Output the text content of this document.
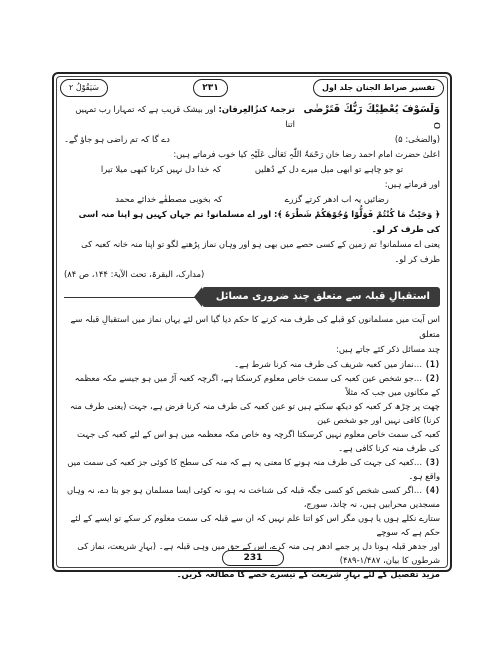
تفسیر صراط الجنان جلد اول
۲۳۱
سَیَقُوْلُ ۲
وَلَسَوْفَ یُعْطِیْكَ رَبُّكَ فَتَرْضٰى ۝
ترجمۂ کنزُالعِرفان: اور بیشک قریب ہے کہ تمہارا رب تمہیں اتنا
(والضحٰی: ۵)
دے گا کہ تم راضی ہو جاؤ گے۔
اعلیٰ حضرت امام احمد رضا خان رَحْمَۃُ اللّٰہِ تَعَالٰی عَلَیْہِ کیا خوب فرماتے ہیں:
تو جو چاہے تو ابھی میل میرے دل کے دُھلیں
کہ خدا دل نہیں کرتا کبھی میلا تیرا
اور فرماتے ہیں:
رضائیں یہ اب ادھر کرتے گزرے
کہ بخوبی مصطفٰے خدائے محمد
﴿ وَحَیْثُ مَا كُنْتُمْ فَوَلُّوْا وُجُوْهَكُمْ شَطْرَهٗ ﴾: اور اے مسلمانو! تم جہاں کہیں ہو اپنا منہ اسی کی طرف کر لو۔
یعنی اے مسلمانو! تم زمین کے کسی حصے میں بھی ہو اور وہاں نماز پڑھنے لگو تو اپنا منہ خانہ کعبہ کی طرف کر لو۔
(مدارک، البقرۃ، تحت الآیۃ: ۱۴۴، ص ۸۴)
استقبالِ قبلہ سے متعلق چند ضروری مسائل
اس آیت میں مسلمانوں کو قبلے کی طرف منہ کرنے کا حکم دیا گیا اس لئے یہاں نماز میں استقبالِ قبلہ سے متعلق
چند مسائل ذکر کئے جاتے ہیں:
(1) …نماز میں کعبہ شریف کی طرف منہ کرنا شرط ہے۔
(2) …جو شخص عین کعبہ کی سمت خاص معلوم کرسکتا ہے، اگرچہ کعبہ آڑ میں ہو جیسے مکہ معظمہ کے مکانوں میں جب کہ مثلاً
چھت پر چڑھ کر کعبہ کو دیکھ سکتے ہیں تو عین کعبہ کی طرف منہ کرنا فرض ہے، جہت (یعنی طرف منہ کرنا) کافی نہیں اور جو شخص عین
کعبہ کی سمت خاص معلوم نہیں کرسکتا اگرچہ وہ خاص مکہ معظمہ میں ہو اس کے لئے کعبہ کی جہت کی طرف منہ کرنا کافی ہے۔
(3) …کعبہ کی جہت کی طرف منہ ہونے کا معنی یہ ہے کہ منہ کی سطح کا کوئی جز کعبہ کی سمت میں واقع ہو۔
(4) …اگر کسی شخص کو کسی جگہ قبلہ کی شناخت نہ ہو، نہ کوئی ایسا مسلمان ہو جو بتا دے، نہ وہاں مسجدیں محرابیں ہیں، نہ چاند، سورج،
ستارے نکلے ہوں یا ہوں مگر اس کو اتنا علم نہیں کہ ان سے قبلہ کی سمت معلوم کر سکے تو ایسے کے لئے حکم ہے کہ سوچے
اور جدھر قبلہ ہونا دل پر جمے ادھر ہی منہ کرے، اس کے حق میں وہی قبلہ ہے۔ (بہارِ شریعت، نماز کی شرطوں کا بیان، ۱/۴۸۷-۴۸۹)
مزید تفصیل کے لئے بہارِ شریعت کے تیسرے حصے کا مطالعہ کریں۔
231
